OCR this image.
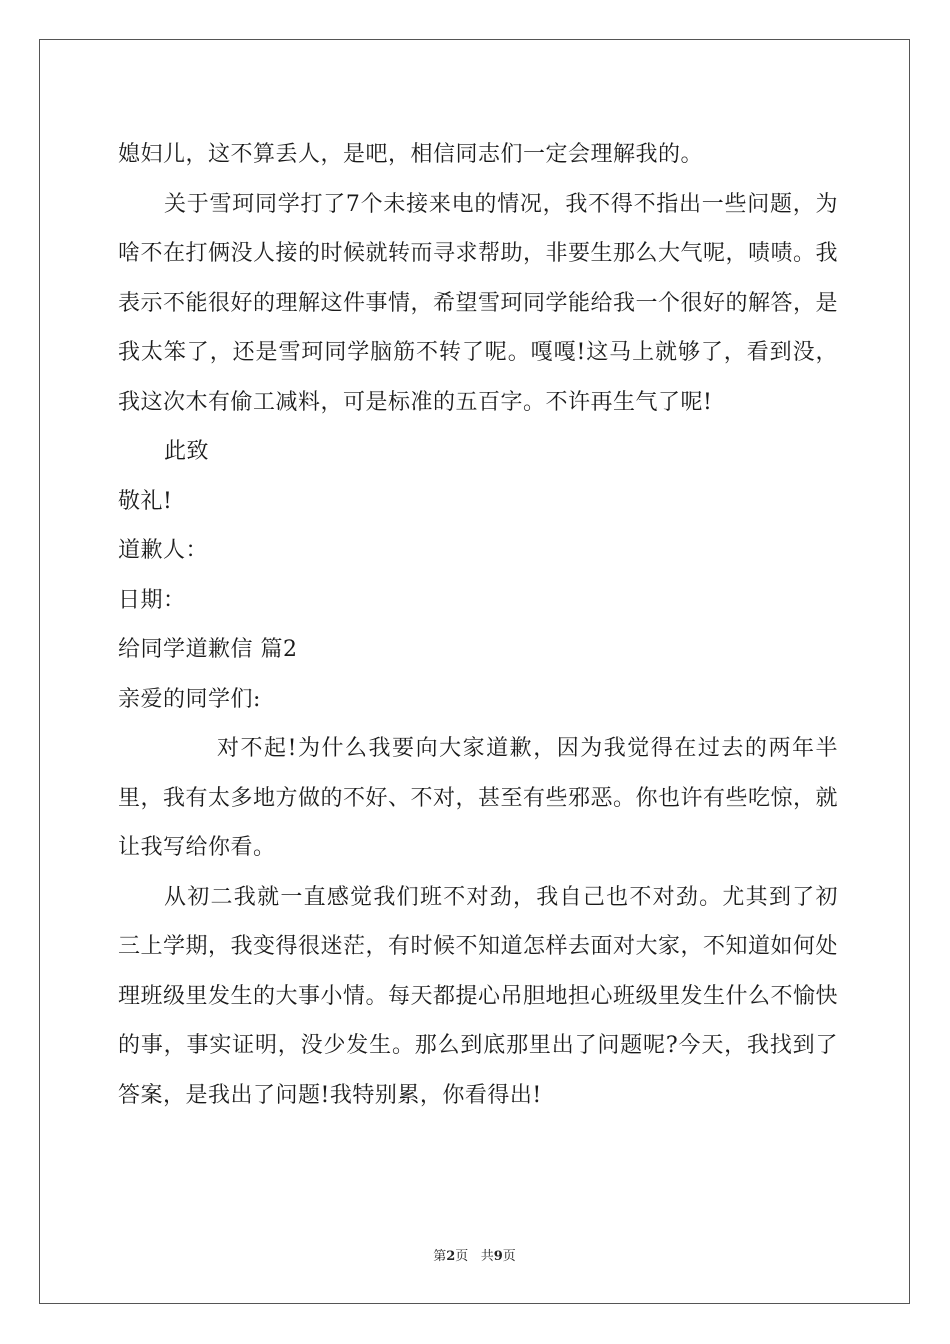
媳妇儿，这不算丢人，是吧，相信同志们一定会理解我的。

关于雪珂同学打了7个未接来电的情况，我不得不指出一些问题，为啥不在打俩没人接的时候就转而寻求帮助，非要生那么大气呢，啧啧。我表示不能很好的理解这件事情，希望雪珂同学能给我一个很好的解答，是我太笨了，还是雪珂同学脑筋不转了呢。嘎嘎!这马上就够了，看到没，我这次木有偷工减料，可是标准的五百字。不许再生气了呢!

此致

敬礼!

道歉人：

日期：

给同学道歉信 篇2

亲爱的同学们:

对不起!为什么我要向大家道歉，因为我觉得在过去的两年半里，我有太多地方做的不好、不对，甚至有些邪恶。你也许有些吃惊，就让我写给你看。

从初二我就一直感觉我们班不对劲，我自己也不对劲。尤其到了初三上学期，我变得很迷茫，有时候不知道怎样去面对大家，不知道如何处理班级里发生的大事小情。每天都提心吊胆地担心班级里发生什么不愉快的事，事实证明，没少发生。那么到底那里出了问题呢?今天，我找到了答案，是我出了问题!我特别累，你看得出!

第2页 共9页
